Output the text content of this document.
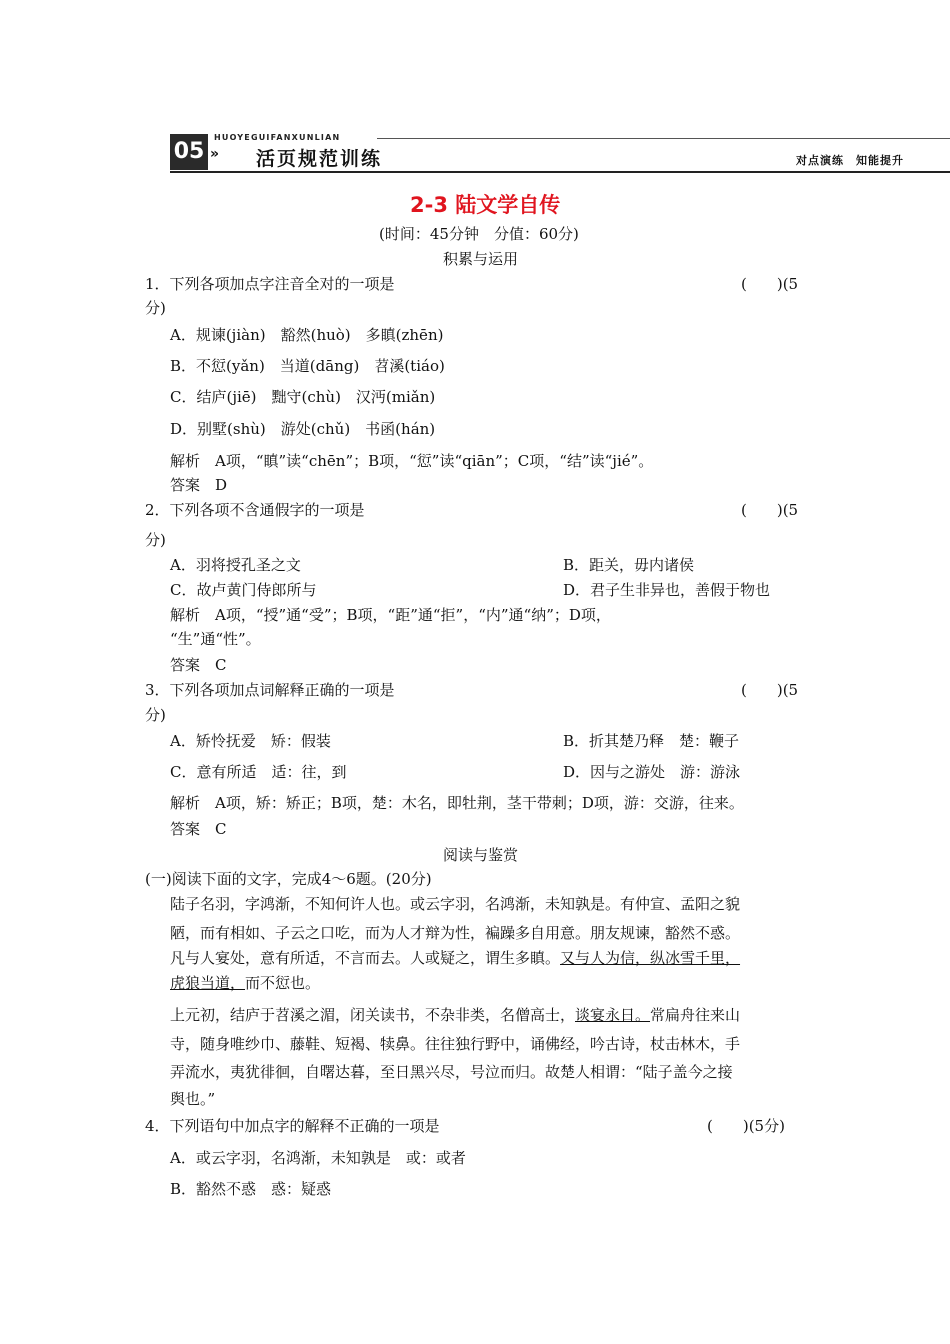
05
HUOYEGUIFANXUNLIAN
» 活页规范训练	对点演练　知能提升
2-3 陆文学自传
(时间：45分钟　分值：60分)
积累与运用
1．下列各项加点字注音全对的一项是	(　　)(5
分)
A．规谏(jiàn)　豁然(huò)　多瞋(zhēn)
B．不愆(yǎn)　当道(dāng)　苕溪(tiáo)
C．结庐(jiē)　黜守(chù)　汉沔(miǎn)
D．别墅(shù)　游处(chǔ)　书函(hán)
解析　A项，“瞋”读“chēn”；B项，“愆”读“qiān”；C项，“结”读“jié”。
答案　D
2．下列各项不含通假字的一项是	(　　)(5
分)
A．羽将授孔圣之文	B．距关，毋内诸侯
C．故卢黄门侍郎所与	D．君子生非异也，善假于物也
解析　A项，“授”通“受”；B项，“距”通“拒”，“内”通“纳”；D项，
“生”通“性”。
答案　C
3．下列各项加点词解释正确的一项是	(　　)(5
分)
A．矫怜抚爱　矫：假装	B．折其楚乃释　楚：鞭子
C．意有所适　适：往，到	D．因与之游处　游：游泳
解析　A项，矫：矫正；B项，楚：木名，即牡荆，茎干带刺；D项，游：交游，往来。
答案　C
阅读与鉴赏
(一)阅读下面的文字，完成4～6题。(20分)
陆子名羽，字鸿渐，不知何许人也。或云字羽，名鸿渐，未知孰是。有仲宣、孟阳之貌
陋，而有相如、子云之口吃，而为人才辩为性，褊躁多自用意。朋友规谏，豁然不惑。
凡与人宴处，意有所适，不言而去。人或疑之，谓生多瞋。又与人为信，纵冰雪千里，
虎狼当道，而不愆也。
上元初，结庐于苕溪之湄，闭关读书，不杂非类，名僧高士，谈宴永日。常扁舟往来山
寺，随身唯纱巾、藤鞋、短褐、犊鼻。往往独行野中，诵佛经，吟古诗，杖击林木，手
弄流水，夷犹徘徊，自曙达暮，至日黑兴尽，号泣而归。故楚人相谓：“陆子盖今之接
舆也。”
4．下列语句中加点字的解释不正确的一项是	(　　)(5分)
A．或云字羽，名鸿渐，未知孰是　或：或者
B．豁然不惑　惑：疑惑
